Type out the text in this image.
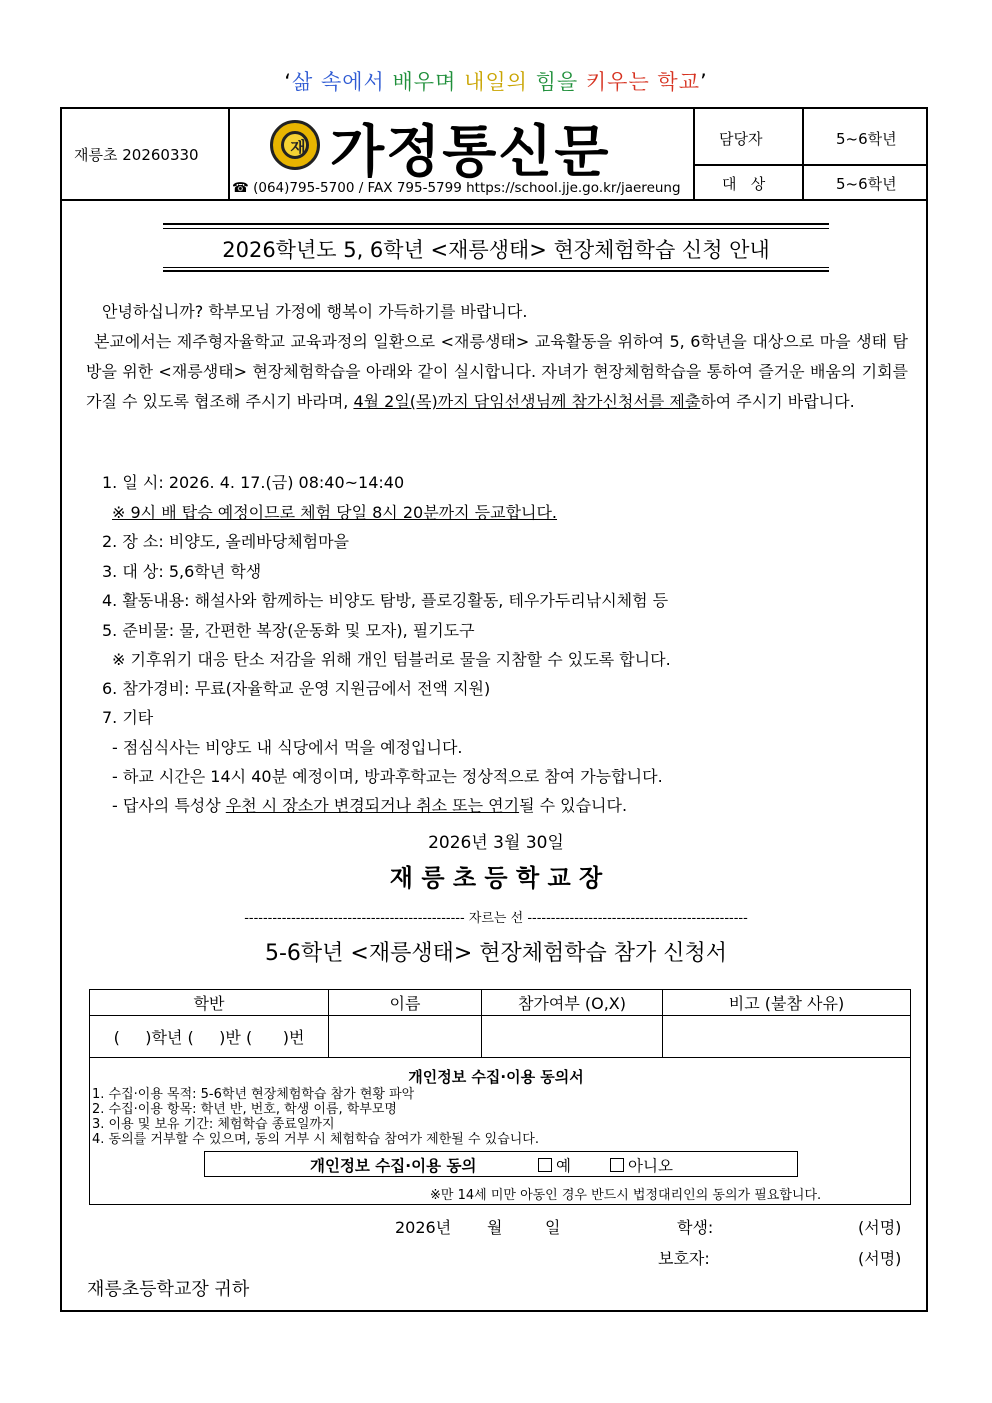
‘삶 속에서 배우며 내일의 힘을 키우는 학교’
재릉초 20260330	재 가정통신문
☎ (064)795-5700 / FAX 795-5799 https://school.jje.go.kr/jaereung
담당자	5~6학년
대   상	5~6학년
2026학년도 5, 6학년 <재릉생태> 현장체험학습 신청 안내

안녕하십니까? 학부모님 가정에 행복이 가득하기를 바랍니다.

본교에서는 제주형자율학교 교육과정의 일환으로 <재릉생태> 교육활동을 위하여 5, 6학년을 대상으로 마을 생태 탐방을 위한 <재릉생태> 현장체험학습을 아래와 같이 실시합니다. 자녀가 현장체험학습을 통하여 즐거운 배움의 기회를 가질 수 있도록 협조해 주시기 바라며, 4월 2일(목)까지 담임선생님께 참가신청서를 제출하여 주시기 바랍니다.

1. 일 시: 2026. 4. 17.(금) 08:40~14:40
※ 9시 배 탑승 예정이므로 체험 당일 8시 20분까지 등교합니다.
2. 장 소: 비양도, 올레바당체험마을
3. 대 상: 5,6학년 학생
4. 활동내용: 해설사와 함께하는 비양도 탐방, 플로깅활동, 테우가두리낚시체험 등
5. 준비물: 물, 간편한 복장(운동화 및 모자), 필기도구
※ 기후위기 대응 탄소 저감을 위해 개인 텀블러로 물을 지참할 수 있도록 합니다.
6. 참가경비: 무료(자율학교 운영 지원금에서 전액 지원)
7. 기타
- 점심식사는 비양도 내 식당에서 먹을 예정입니다.
- 하교 시간은 14시 40분 예정이며, 방과후학교는 정상적으로 참여 가능합니다.
- 답사의 특성상 우천 시 장소가 변경되거나 취소 또는 연기될 수 있습니다.
2026년 3월 30일
재 릉 초 등 학 교 장
----------------------------------------------- 자르는 선 -----------------------------------------------
5-6학년 <재릉생태> 현장체험학습 참가 신청서
학반	이름	참가여부 (O,X)	비고 (불참 사유)
(     )학년 (     )반 (      )번			
개인정보 수집·이용 동의서
1. 수집·이용 목적: 5-6학년 현장체험학습 참가 현황 파악
2. 수집·이용 항목: 학년 반, 번호, 학생 이름, 학부모명
3. 이용 및 보유 기간: 체험학습 종료일까지
4. 동의를 거부할 수 있으며, 동의 거부 시 체험학습 참여가 제한될 수 있습니다.
개인정보 수집·이용 동의	예	아니오
※만 14세 미만 아동인 경우 반드시 법정대리인의 동의가 필요합니다.
2026년 월	일	학생:	(서명)
보호자:	(서명)
재릉초등학교장 귀하
